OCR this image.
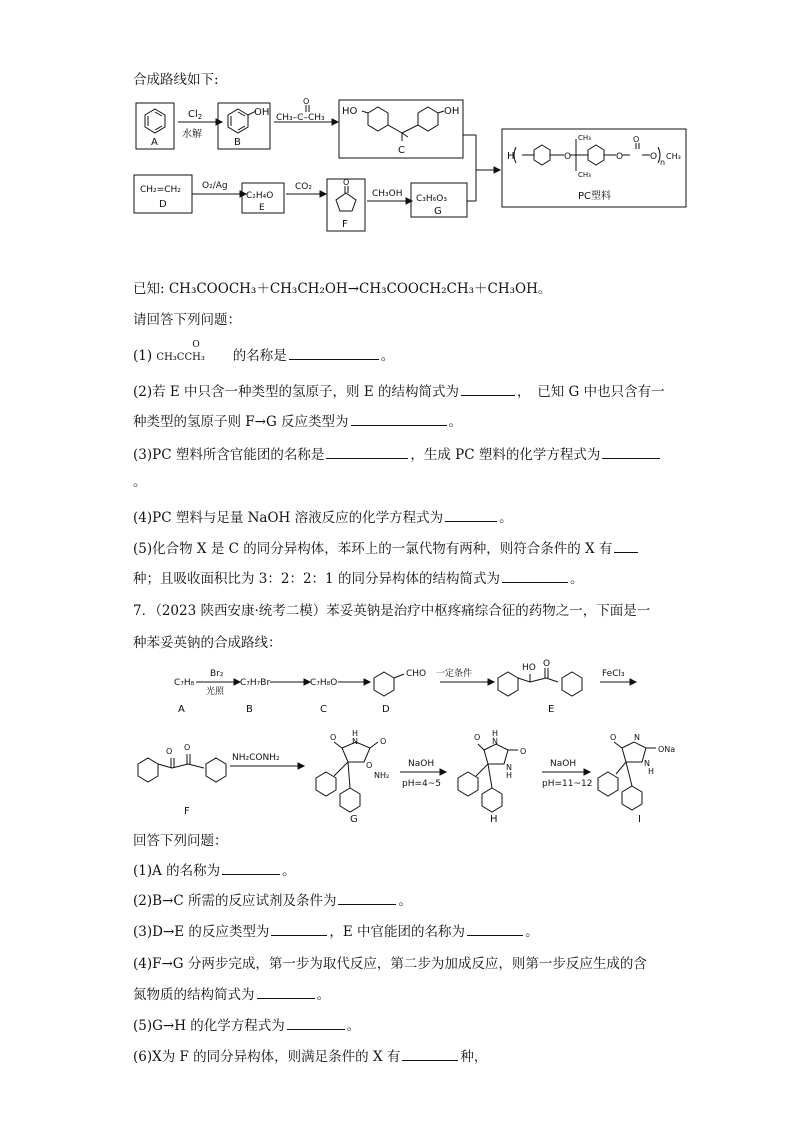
合成路线如下:
A
$Cl_2$
水解
OH
B
O
CH₃–C–CH₃
HO	OH
C
CH₂=CH₂
D
O₂/Ag
C₂H₄O
E
CO₂	O
F
CH₃OH C₃H₆O₃
G
H	O	O
O
O
n
CH₃
CH₃
CH₃
PC塑料
已知: CH₃COOCH₃＋CH₃CH₂OH→CH₃COOCH₂CH₃＋CH₃OH。
请回答下列问题：
(1)
O
CH₃CCH₃ 的名称是	。
(2)若 E 中只含一种类型的氢原子，则 E 的结构简式为	，　已知 G 中也只含有一
种类型的氢原子则 F→G 反应类型为	。
(3)PC 塑料所含官能团的名称是	，生成 PC 塑料的化学方程式为
。
(4)PC 塑料与足量 NaOH 溶液反应的化学方程式为	。
(5)化合物 X 是 C 的同分异构体，苯环上的一氯代物有两种，则符合条件的 X 有
种；且吸收面积比为 3：2：2：1 的同分异构体的结构简式为	。
7．（2023 陕西安康·统考二模）苯妥英钠是治疗中枢疼痛综合征的药物之一，下面是一
种苯妥英钠的合成路线：
C₇H₈
Br₂
光照
C₇H₇Br	C₇H₈O
CHO 一定条件
HO O
FeCl₃
A	B	C	D	E
NH₂CONH₂
O O
O H
N	O
O
NH₂
NaOH
pH=4~5
O H
N
O
N
H
NaOH
pH=11~12
O N
ONa
N
H
F
G	H	I
回答下列问题：
(1)A 的名称为	。
(2)B→C 所需的反应试剂及条件为	。
(3)D→E 的反应类型为	，E 中官能团的名称为	。
(4)F→G 分两步完成，第一步为取代反应，第二步为加成反应，则第一步反应生成的含
氮物质的结构简式为	。
(5)G→H 的化学方程式为	。
(6)X为 F 的同分异构体，则满足条件的 X 有	种，
